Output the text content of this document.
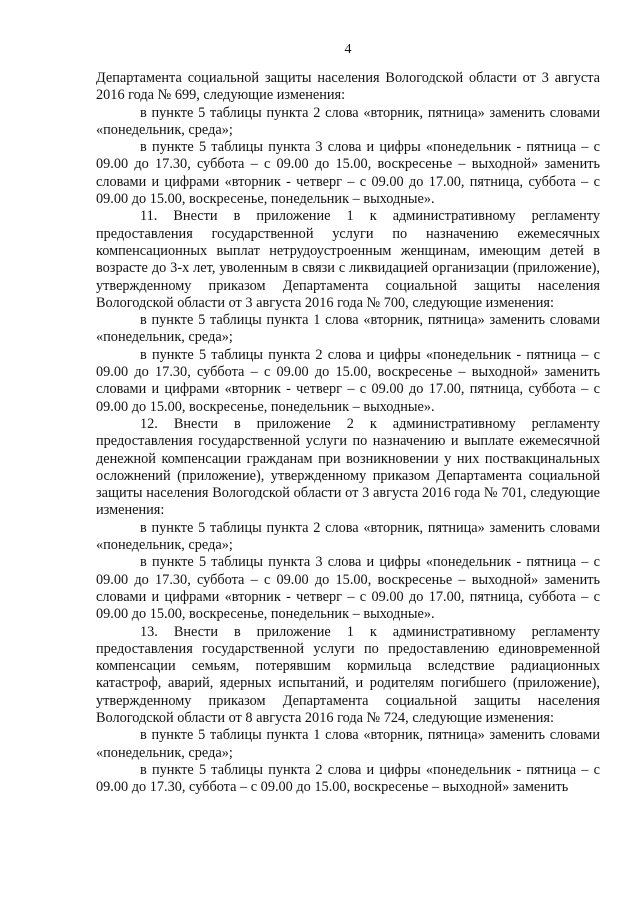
4

Департамента социальной защиты населения Вологодской области от 3 августа 2016 года № 699, следующие изменения:

в пункте 5 таблицы пункта 2 слова «вторник, пятница» заменить словами «понедельник, среда»;

в пункте 5 таблицы пункта 3 слова и цифры «понедельник - пятница – с 09.00 до 17.30, суббота – с 09.00 до 15.00, воскресенье – выходной» заменить словами и цифрами «вторник - четверг – с 09.00 до 17.00, пятница, суббота – с 09.00 до 15.00, воскресенье, понедельник – выходные».

11. Внести в приложение 1 к административному регламенту предоставления государственной услуги по назначению ежемесячных компенсационных выплат нетрудоустроенным женщинам, имеющим детей в возрасте до 3-х лет, уволенным в связи с ликвидацией организации (приложение), утвержденному приказом Департамента социальной защиты населения Вологодской области от 3 августа 2016 года № 700, следующие изменения:

в пункте 5 таблицы пункта 1 слова «вторник, пятница» заменить словами «понедельник, среда»;

в пункте 5 таблицы пункта 2 слова и цифры «понедельник - пятница – с 09.00 до 17.30, суббота – с 09.00 до 15.00, воскресенье – выходной» заменить словами и цифрами «вторник - четверг – с 09.00 до 17.00, пятница, суббота – с 09.00 до 15.00, воскресенье, понедельник – выходные».

12. Внести в приложение 2 к административному регламенту предоставления государственной услуги по назначению и выплате ежемесячной денежной компенсации гражданам при возникновении у них поствакцинальных осложнений (приложение), утвержденному приказом Департамента социальной защиты населения Вологодской области от 3 августа 2016 года № 701, следующие изменения:

в пункте 5 таблицы пункта 2 слова «вторник, пятница» заменить словами «понедельник, среда»;

в пункте 5 таблицы пункта 3 слова и цифры «понедельник - пятница – с 09.00 до 17.30, суббота – с 09.00 до 15.00, воскресенье – выходной» заменить словами и цифрами «вторник - четверг – с 09.00 до 17.00, пятница, суббота – с 09.00 до 15.00, воскресенье, понедельник – выходные».

13. Внести в приложение 1 к административному регламенту предоставления государственной услуги по предоставлению единовременной компенсации семьям, потерявшим кормильца вследствие радиационных катастроф, аварий, ядерных испытаний, и родителям погибшего (приложение), утвержденному приказом Департамента социальной защиты населения Вологодской области от 8 августа 2016 года № 724, следующие изменения:

в пункте 5 таблицы пункта 1 слова «вторник, пятница» заменить словами «понедельник, среда»;

в пункте 5 таблицы пункта 2 слова и цифры «понедельник - пятница – с 09.00 до 17.30, суббота – с 09.00 до 15.00, воскресенье – выходной» заменить
